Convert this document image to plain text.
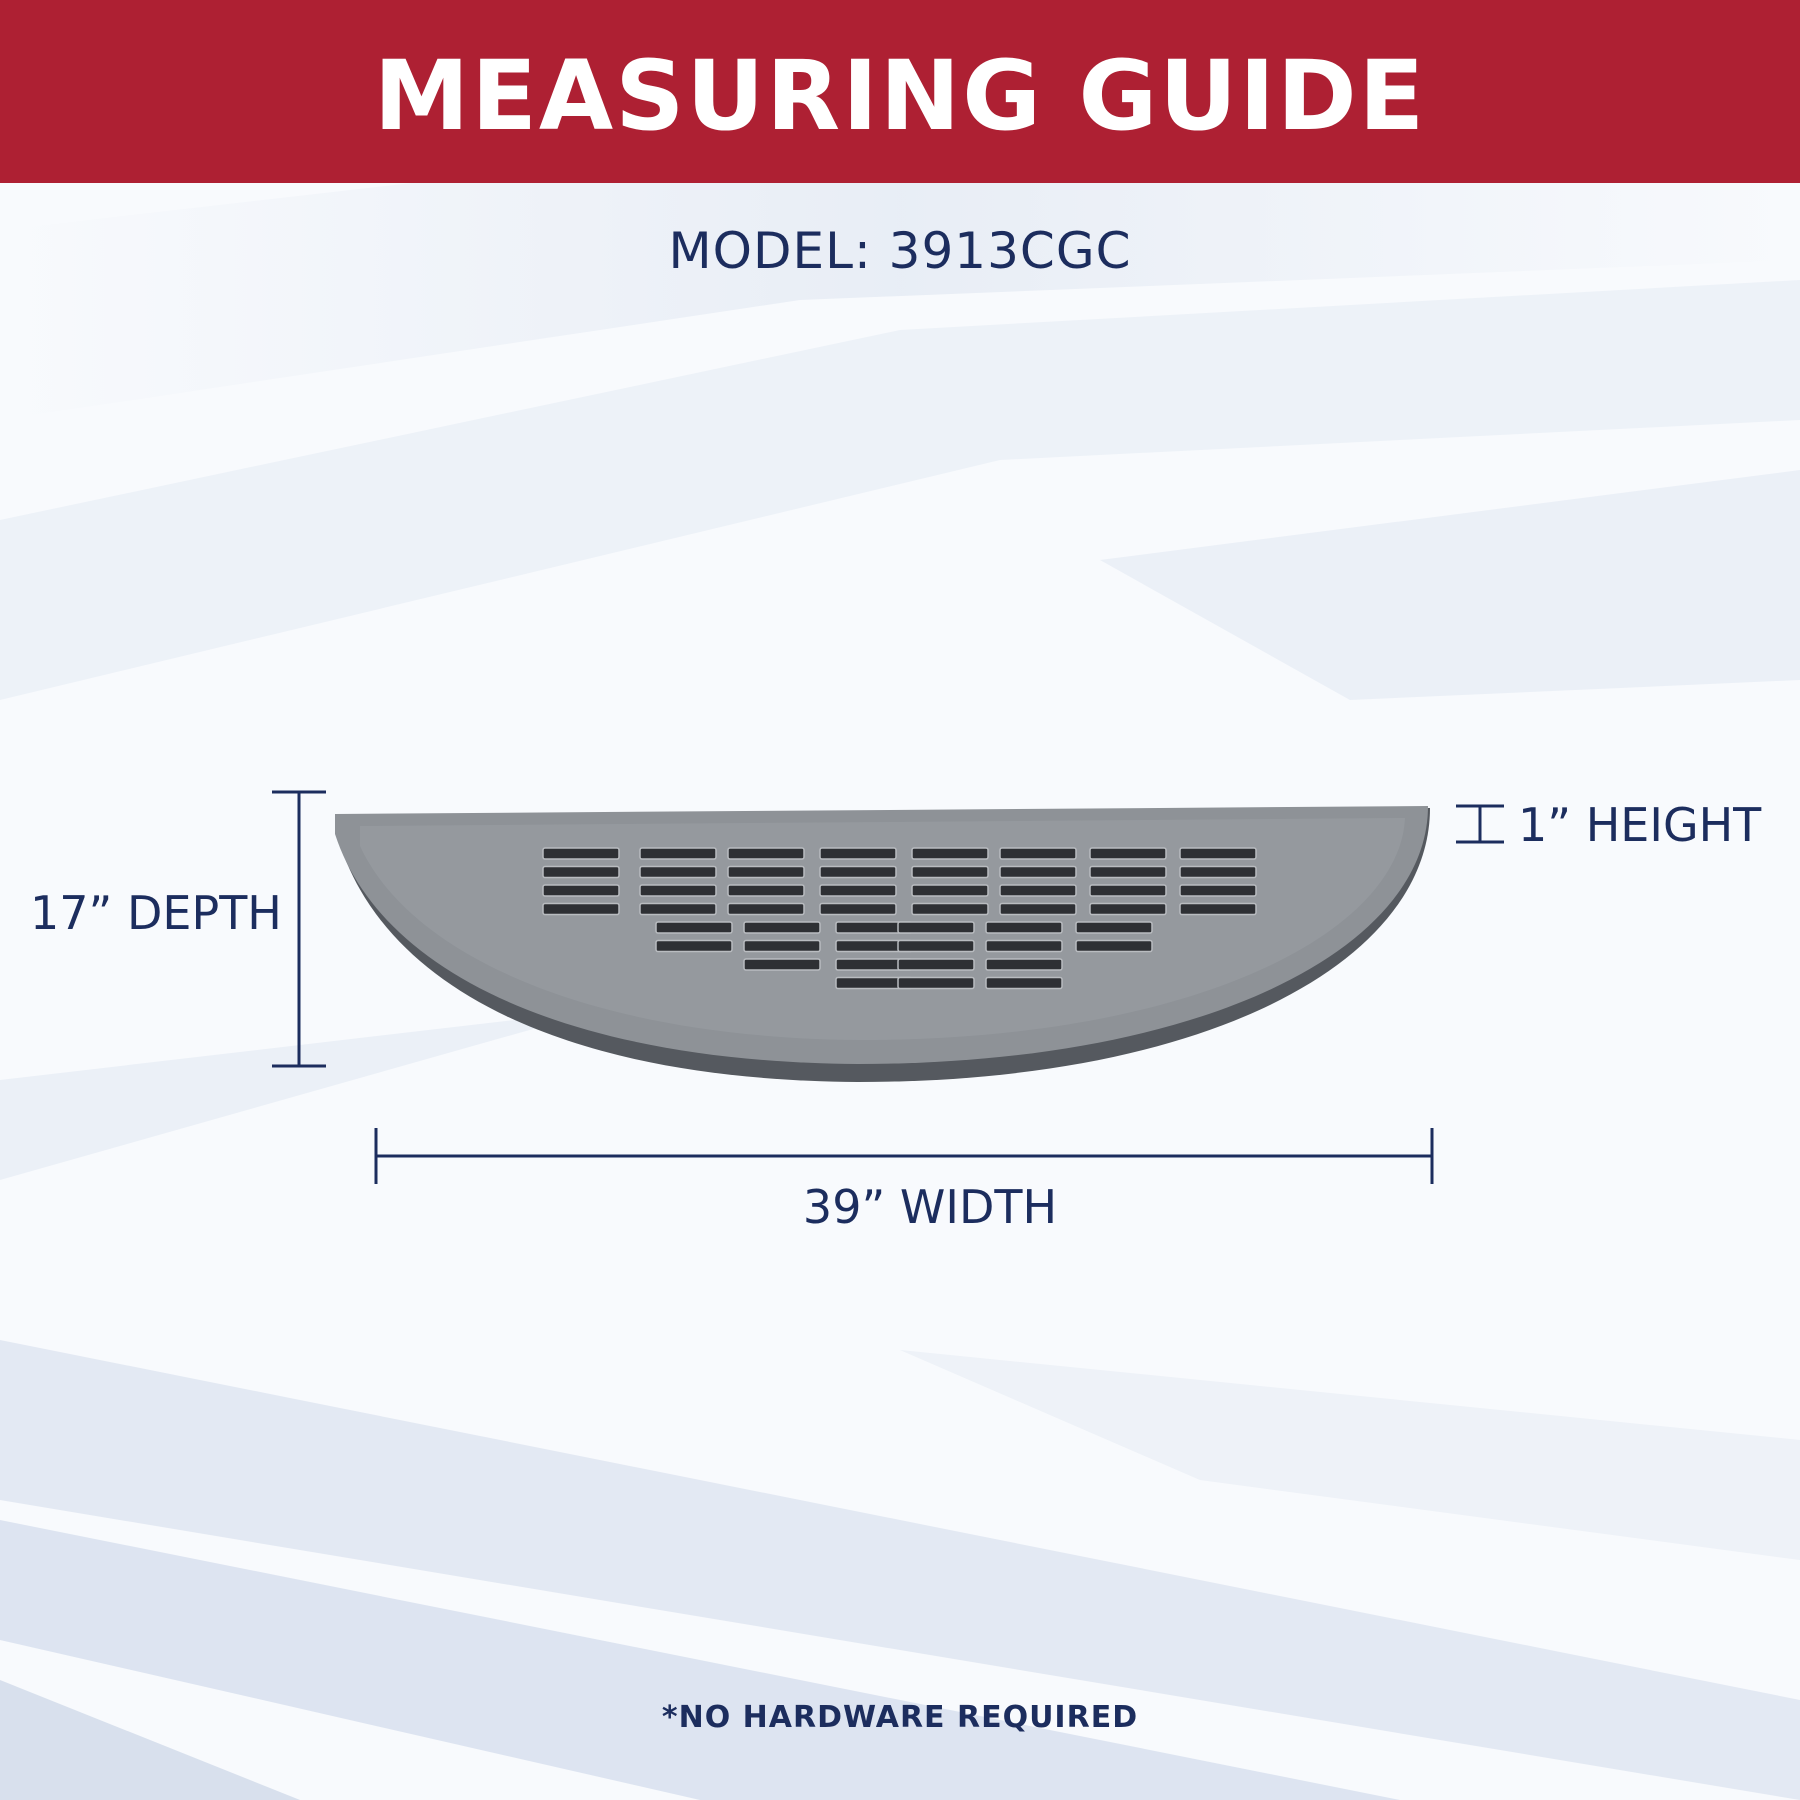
MEASURING GUIDE
MODEL: 3913CGC
17” DEPTH
1” HEIGHT
39” WIDTH
*NO HARDWARE REQUIRED
